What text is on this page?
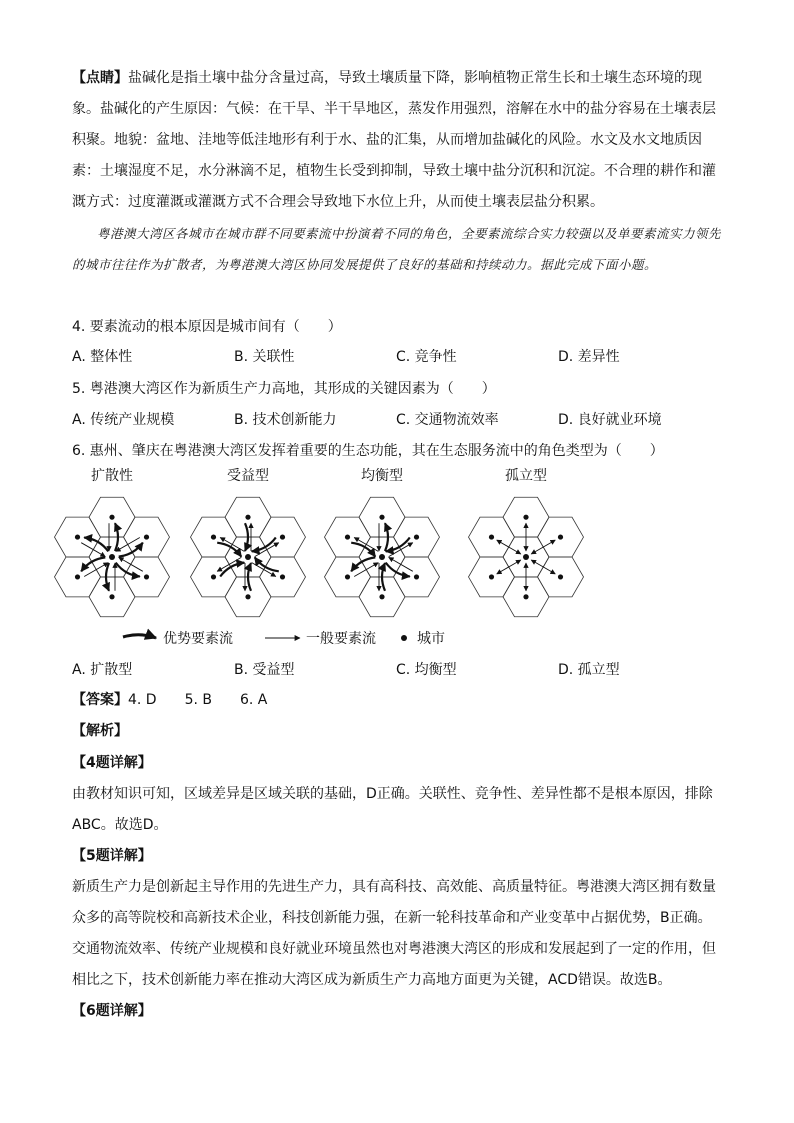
【点睛】盐碱化是指土壤中盐分含量过高，导致土壤质量下降，影响植物正常生长和土壤生态环境的现象。盐碱化的产生原因：气候：在干旱、半干旱地区，蒸发作用强烈，溶解在水中的盐分容易在土壤表层积聚。地貌：盆地、洼地等低洼地形有利于水、盐的汇集，从而增加盐碱化的风险。水文及水文地质因素：土壤湿度不足，水分淋滴不足，植物生长受到抑制，导致土壤中盐分沉积和沉淀。不合理的耕作和灌溉方式：过度灌溉或灌溉方式不合理会导致地下水位上升，从而使土壤表层盐分积累。

粤港澳大湾区各城市在城市群不同要素流中扮演着不同的角色，全要素流综合实力较强以及单要素流实力领先的城市往往作为扩散者，为粤港澳大湾区协同发展提供了良好的基础和持续动力。据此完成下面小题。

4. 要素流动的根本原因是城市间有（　　）

A. 整体性	B. 关联性	C. 竞争性	D. 差异性

5. 粤港澳大湾区作为新质生产力高地，其形成的关键因素为（　　）

A. 传统产业规模	B. 技术创新能力	C. 交通物流效率	D. 良好就业环境

6. 惠州、肇庆在粤港澳大湾区发挥着重要的生态功能，其在生态服务流中的角色类型为（　　）

扩散性	受益型	均衡型	孤立型
优势要素流	一般要素流	城市
A. 扩散型	B. 受益型	C. 均衡型	D. 孤立型

【答案】4. D　　5. B　　6. A

【解析】

【4题详解】

由教材知识可知，区域差异是区域关联的基础，D正确。关联性、竞争性、差异性都不是根本原因，排除ABC。故选D。

【5题详解】

新质生产力是创新起主导作用的先进生产力，具有高科技、高效能、高质量特征。粤港澳大湾区拥有数量众多的高等院校和高新技术企业，科技创新能力强，在新一轮科技革命和产业变革中占据优势，B正确。交通物流效率、传统产业规模和良好就业环境虽然也对粤港澳大湾区的形成和发展起到了一定的作用，但相比之下，技术创新能力率在推动大湾区成为新质生产力高地方面更为关键，ACD错误。故选B。

【6题详解】
